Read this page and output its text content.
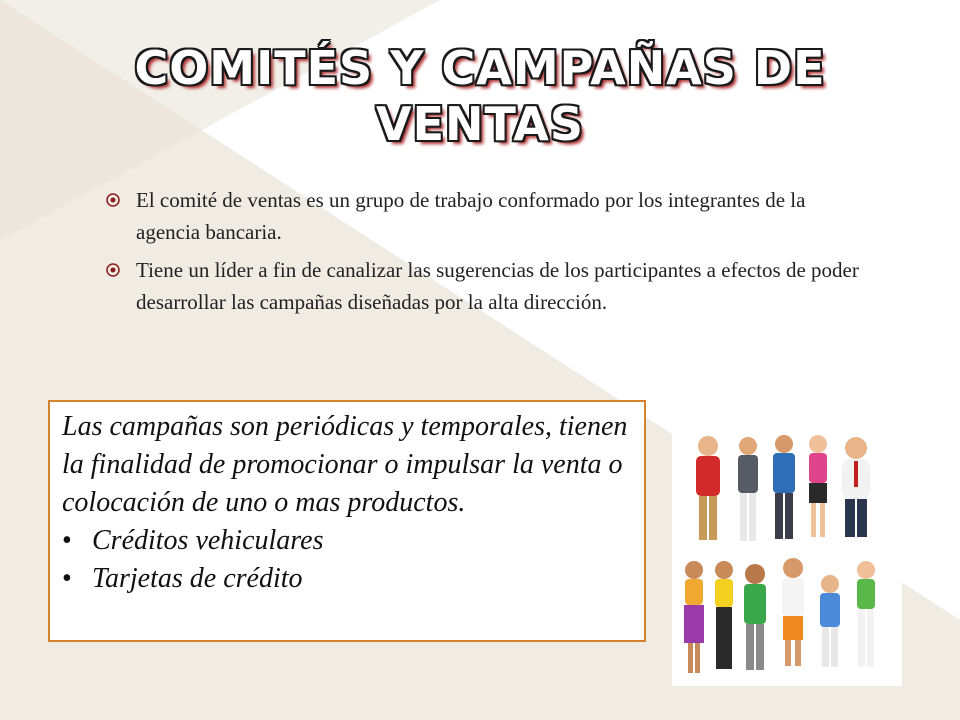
COMITÉS Y CAMPAÑAS DE
VENTAS
El comité de ventas es un grupo de trabajo conformado por los integrantes de la agencia bancaria.
Tiene un líder a fin de canalizar las sugerencias de los participantes a efectos de poder desarrollar las campañas diseñadas por la alta dirección.
Las campañas son periódicas y temporales, tienen la finalidad de promocionar o impulsar la venta o colocación de uno o mas productos.
• Créditos vehiculares
• Tarjetas de crédito
